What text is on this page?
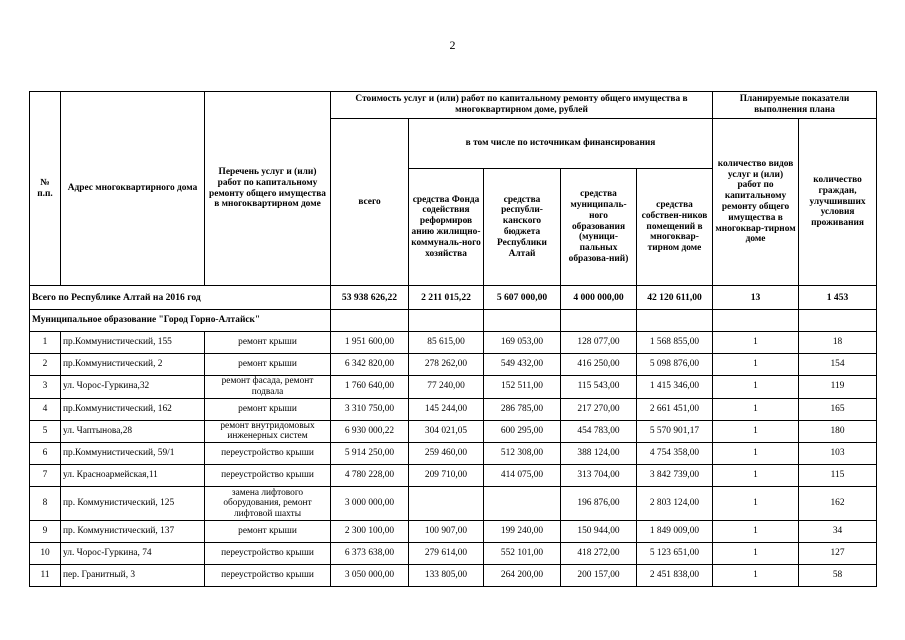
2
№ п.п.	Адрес многоквартирного дома	Перечень услуг и (или) работ по капитальному ремонту общего имущества в многоквартирном доме	Стоимость услуг и (или) работ по капитальному ремонту общего имущества в многоквартирном доме, рублей					Планируемые показатели выполнения плана	
			всего	в том числе по источникам финансирования				количество видов услуг и (или) работ по капитальному ремонту общего имущества в многоквар-тирном доме	количество граждан, улучшивших условия проживания
				средства Фонда содействия реформиров анию жилищно-коммуналь-ного хозяйства	средства республи-канского бюджета Республики Алтай	средства муниципаль-ного образования (муници-пальных образова-ний)	средства собствен-ников помещений в многоквар-тирном доме		
Всего по Республике Алтай на 2016 год			53 938 626,22	2 211 015,22	5 607 000,00	4 000 000,00	42 120 611,00	13	1 453
Муниципальное образование "Город Горно-Алтайск"									
1	пр.Коммунистический, 155	ремонт крыши	1 951 600,00	85 615,00	169 053,00	128 077,00	1 568 855,00	1	18
2	пр.Коммунистический, 2	ремонт крыши	6 342 820,00	278 262,00	549 432,00	416 250,00	5 098 876,00	1	154
3	ул. Чорос-Гуркина,32	ремонт фасада, ремонт подвала	1 760 640,00	77 240,00	152 511,00	115 543,00	1 415 346,00	1	119
4	пр.Коммунистический, 162	ремонт крыши	3 310 750,00	145 244,00	286 785,00	217 270,00	2 661 451,00	1	165
5	ул. Чаптынова,28	ремонт внутридомовых инженерных систем	6 930 000,22	304 021,05	600 295,00	454 783,00	5 570 901,17	1	180
6	пр.Коммунистический, 59/1	переустройство крыши	5 914 250,00	259 460,00	512 308,00	388 124,00	4 754 358,00	1	103
7	ул. Красноармейская,11	переустройство крыши	4 780 228,00	209 710,00	414 075,00	313 704,00	3 842 739,00	1	115
8	пр. Коммунистический, 125	замена лифтового оборудования, ремонт лифтовой шахты	3 000 000,00			196 876,00	2 803 124,00	1	162
9	пр. Коммунистический, 137	ремонт крыши	2 300 100,00	100 907,00	199 240,00	150 944,00	1 849 009,00	1	34
10	ул. Чорос-Гуркина, 74	переустройство крыши	6 373 638,00	279 614,00	552 101,00	418 272,00	5 123 651,00	1	127
11	пер. Гранитный, 3	переустройство крыши	3 050 000,00	133 805,00	264 200,00	200 157,00	2 451 838,00	1	58
